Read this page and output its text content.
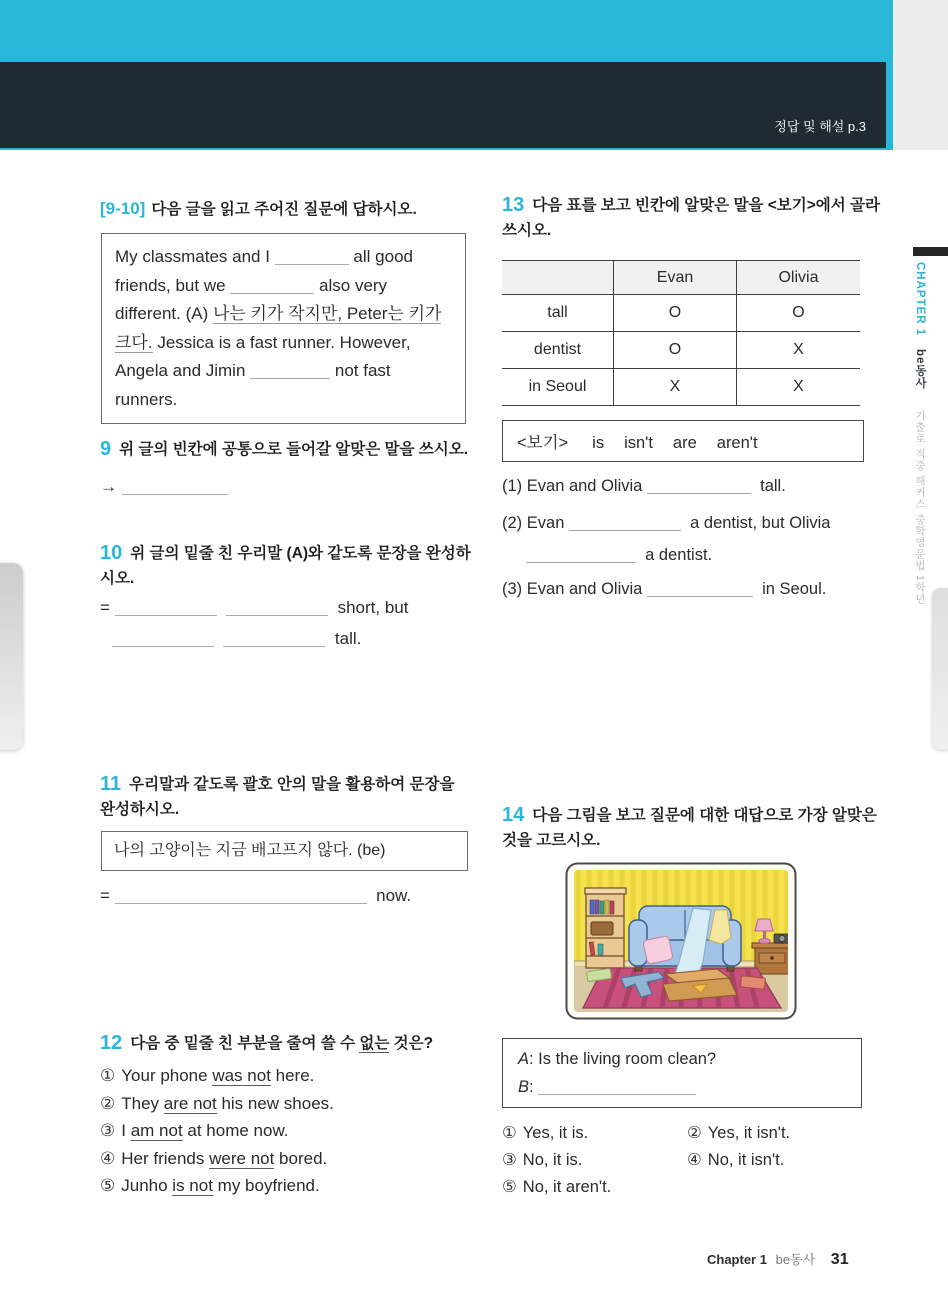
정답 및 해설 p.3
CHAPTER 1 be동사 기출로 적중 해커스 중학영문법 1학년
[9-10] 다음 글을 읽고 주어진 질문에 답하시오.
My classmates and I	all good
friends, but we	also very
different. (A) 나는 키가 작지만, Peter는 키가
크다. Jessica is a fast runner. However,
Angela and Jimin	not fast
runners.
9 위 글의 빈칸에 공통으로 들어갈 알맞은 말을 쓰시오.
→
10 위 글의 밑줄 친 우리말 (A)와 같도록 문장을 완성하시오.
=	short, but
tall.
11 우리말과 같도록 괄호 안의 말을 활용하여 문장을 완성하시오.
나의 고양이는 지금 배고프지 않다. (be)
=	now.
12 다음 중 밑줄 친 부분을 줄여 쓸 수 없는 것은?
① Your phone was not here.
② They are not his new shoes.
③ I am not at home now.
④ Her friends were not bored.
⑤ Junho is not my boyfriend.
13 다음 표를 보고 빈칸에 알맞은 말을 <보기>에서 골라 쓰시오.
	Evan	Olivia
tall	O	O
dentist	O	X
in Seoul	X	X
<보기> is isn't are aren't
(1) Evan and Olivia	tall.
(2) Evan	a dentist, but Olivia
a dentist.
(3) Evan and Olivia	in Seoul.
14 다음 그림을 보고 질문에 대한 대답으로 가장 알맞은 것을 고르시오.
A: Is the living room clean?
B:
① Yes, it is.	② Yes, it isn't.
③ No, it is.	④ No, it isn't.
⑤ No, it aren't.
Chapter 1 be동사 31
